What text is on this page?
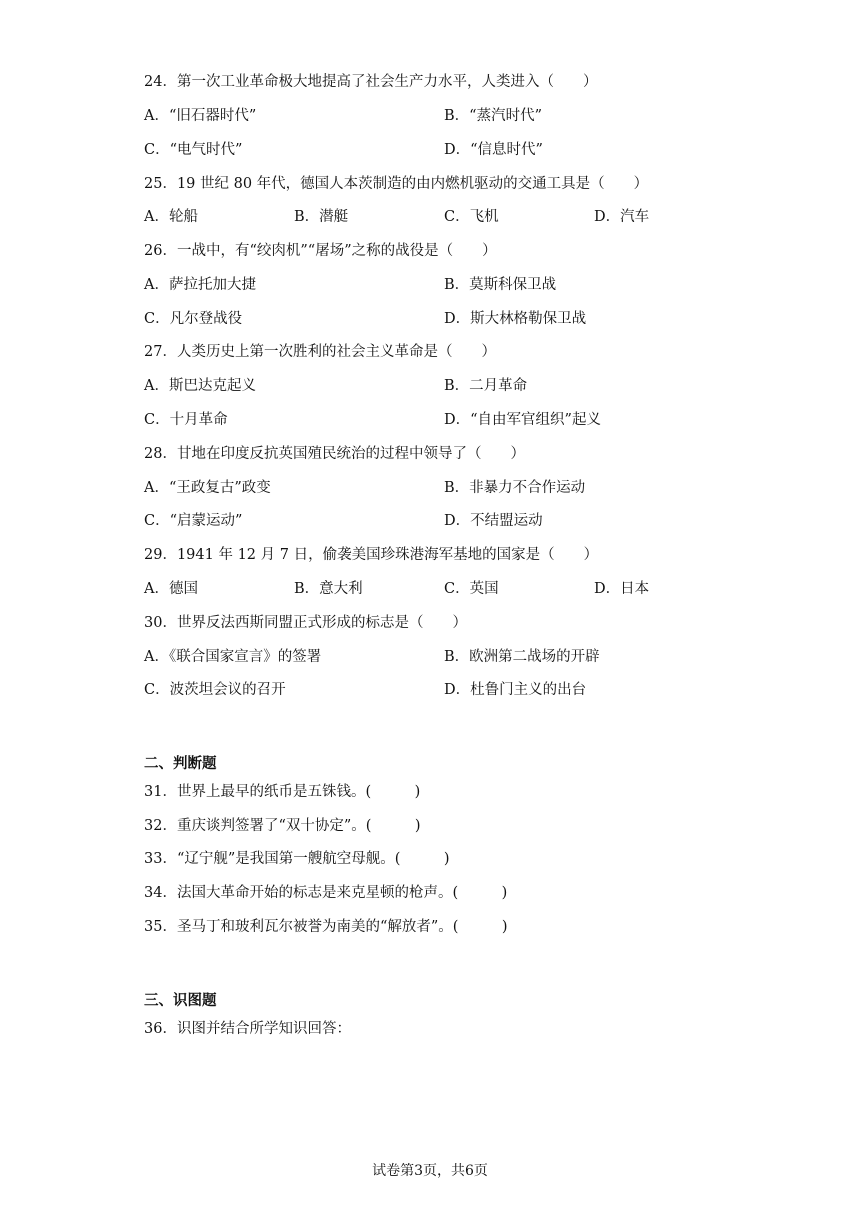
24．第一次工业革命极大地提高了社会生产力水平，人类进入（　　）
A．“旧石器时代”	B．“蒸汽时代”
C．“电气时代”	D．“信息时代”
25．19 世纪 80 年代，德国人本茨制造的由内燃机驱动的交通工具是（　　）
A．轮船	B．潜艇	C．飞机	D．汽车
26．一战中，有“绞肉机”“屠场”之称的战役是（　　）
A．萨拉托加大捷	B．莫斯科保卫战
C．凡尔登战役	D．斯大林格勒保卫战
27．人类历史上第一次胜利的社会主义革命是（　　）
A．斯巴达克起义	B．二月革命
C．十月革命	D．“自由军官组织”起义
28．甘地在印度反抗英国殖民统治的过程中领导了（　　）
A．“王政复古”政变	B．非暴力不合作运动
C．“启蒙运动”	D．不结盟运动
29．1941 年 12 月 7 日，偷袭美国珍珠港海军基地的国家是（　　）
A．德国	B．意大利	C．英国	D．日本
30．世界反法西斯同盟正式形成的标志是（　　）
A．《联合国家宣言》的签署	B．欧洲第二战场的开辟
C．波茨坦会议的召开	D．杜鲁门主义的出台
二、判断题
31．世界上最早的纸币是五铢钱。(　　　)
32．重庆谈判签署了“双十协定”。(　　　)
33．“辽宁舰”是我国第一艘航空母舰。(　　　)
34．法国大革命开始的标志是来克星顿的枪声。(　　　)
35．圣马丁和玻利瓦尔被誉为南美的“解放者”。(　　　)
三、识图题
36．识图并结合所学知识回答：
试卷第3页，共6页
